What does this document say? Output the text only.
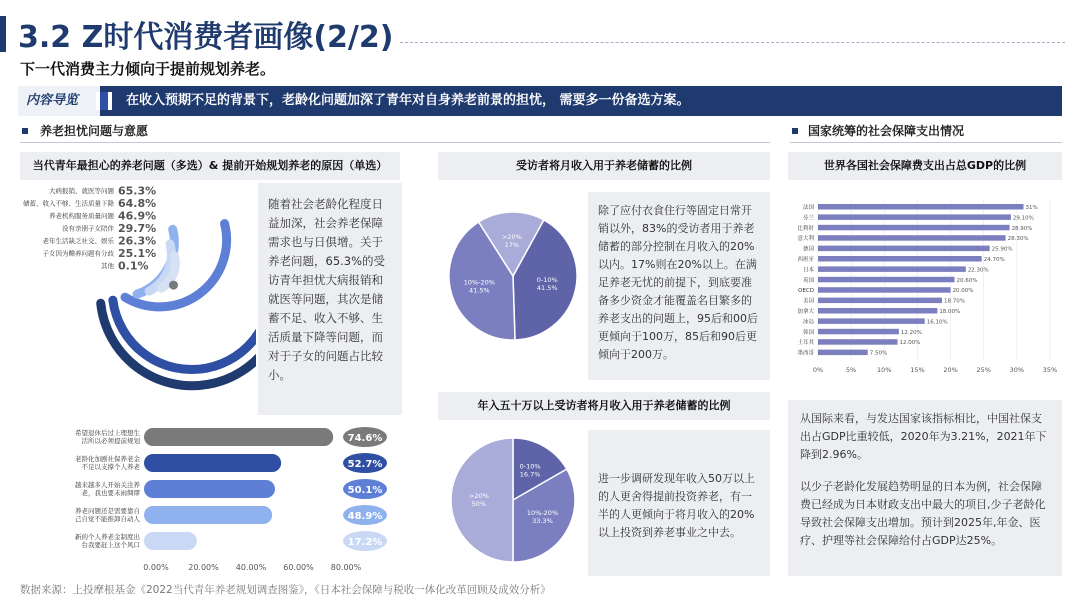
3.2 Z时代消费者画像(2/2)
下一代消费主力倾向于提前规划养老。
内容导览	在收入预期不足的背景下，老龄化问题加深了青年对自身养老前景的担忧， 需要多一份备选方案。
养老担忧问题与意愿	国家统筹的社会保障支出情况
当代青年最担心的养老问题（多选）& 提前开始规划养老的原因（单选）	受访者将月收入用于养老储蓄的比例
年入五十万以上受访者将月收入用于养老储蓄的比例
世界各国社会保障费支出占总GDP的比例
随着社会老龄化程度日益加深，社会养老保障需求也与日俱增。关于养老问题，65.3%的受访青年担忧大病报销和就医等问题，其次是储蓄不足、收入不够、生活质量下降等问题，而对于子女的问题占比较小。
除了应付衣食住行等固定日常开销以外，83%的受访者用于养老储蓄的部分控制在月收入的20%以内。17%则在20%以上。在满足养老无忧的前提下，到底要准备多少资金才能覆盖名目繁多的养老支出的问题上，95后和00后更倾向于100万，85后和90后更倾向于200万。
进一步调研发现年收入50万以上的人更舍得提前投资养老，有一半的人更倾向于将月收入的20%以上投资到养老事业之中去。
从国际来看，与发达国家该指标相比，中国社保支出占GDP比重较低，2020年为3.21%，2021年下降到2.96%。
以少子老龄化发展趋势明显的日本为例，社会保障费已经成为日本财政支出中最大的项目,少子老龄化导致社会保障支出增加。预计到2025年,年金、医疗、护理等社会保障给付占GDP达25%。
大病报销、就医等问题 65.3%
储蓄、收入不够、生活质量下降 64.8%
养老机构服务质量问题 46.9%
没有亲朋子女陪伴 29.7%
老年生活缺乏社交、娱乐 26.3%
子女因为赡养问题有分歧 25.1%
其他 0.1%
74.6%
希望退休后过上理想生
活所以必须提前规划
52.7%
老龄化加剧社保养老金
不足以支撑个人养老
50.1%
越来越多人开始关注养
老，我也要未雨绸缪
48.9%
养老问题还是需要靠自
己自觉不能推卸自动人
17.2%
新的个人养老金制度出
台我要赶上这个风口
0.00% 20.00% 40.00% 60.00% 80.00%
0-10%
41.5%
10%-20%
41.5%
>20%
17%
0-10%
16.7%
10%-20%
33.3%
>20%
50%
0%	5%	10%	15%	20%	25%	30%	35%
法国	31%
芬兰	29.10%
比利时	28.90%
意大利	28.30%
德国	25.90%
西班牙	24.70%
日本	22.30%
英国	20.60%
OECD	20.00%
美国	18.70%
加拿大	18.00%
冰岛	16.10%
韩国	12.20%
土耳其	12.00%
墨西哥	7.50%
数据来源：上投摩根基金《2022当代青年养老规划调查图鉴》，《日本社会保障与税收一体化改革回顾及成效分析》
